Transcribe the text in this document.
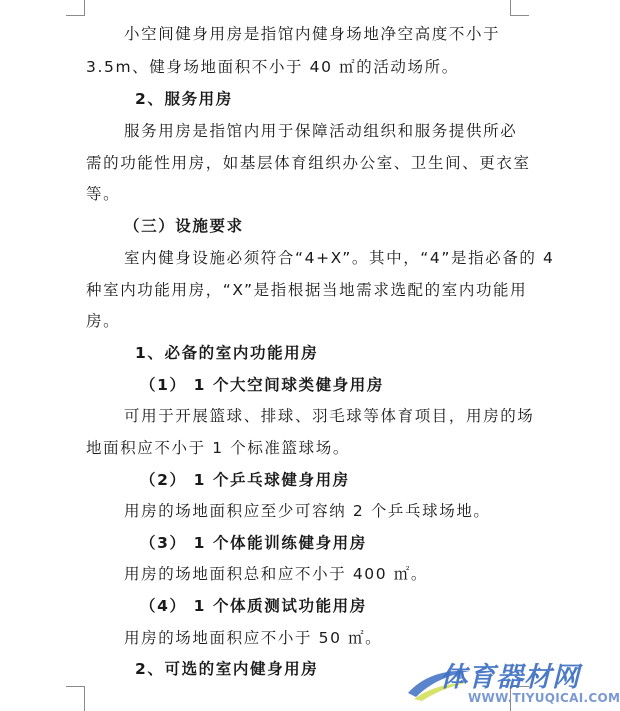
小空间健身用房是指馆内健身场地净空高度不小于
3.5m、健身场地面积不小于 40 ㎡的活动场所。
2、服务用房
服务用房是指馆内用于保障活动组织和服务提供所必
需的功能性用房，如基层体育组织办公室、卫生间、更衣室
等。
（三）设施要求
室内健身设施必须符合“4+X”。其中，“4”是指必备的 4
种室内功能用房，“X”是指根据当地需求选配的室内功能用
房。
1、必备的室内功能用房
（1） 1 个大空间球类健身用房
可用于开展篮球、排球、羽毛球等体育项目，用房的场
地面积应不小于 1 个标准篮球场。
（2） 1 个乒乓球健身用房
用房的场地面积应至少可容纳 2 个乒乓球场地。
（3） 1 个体能训练健身用房
用房的场地面积总和应不小于 400 ㎡。
（4） 1 个体质测试功能用房
用房的场地面积应不小于 50 ㎡。
2、可选的室内健身用房	体育器材网
WWW.TIYUQICAI.COM
